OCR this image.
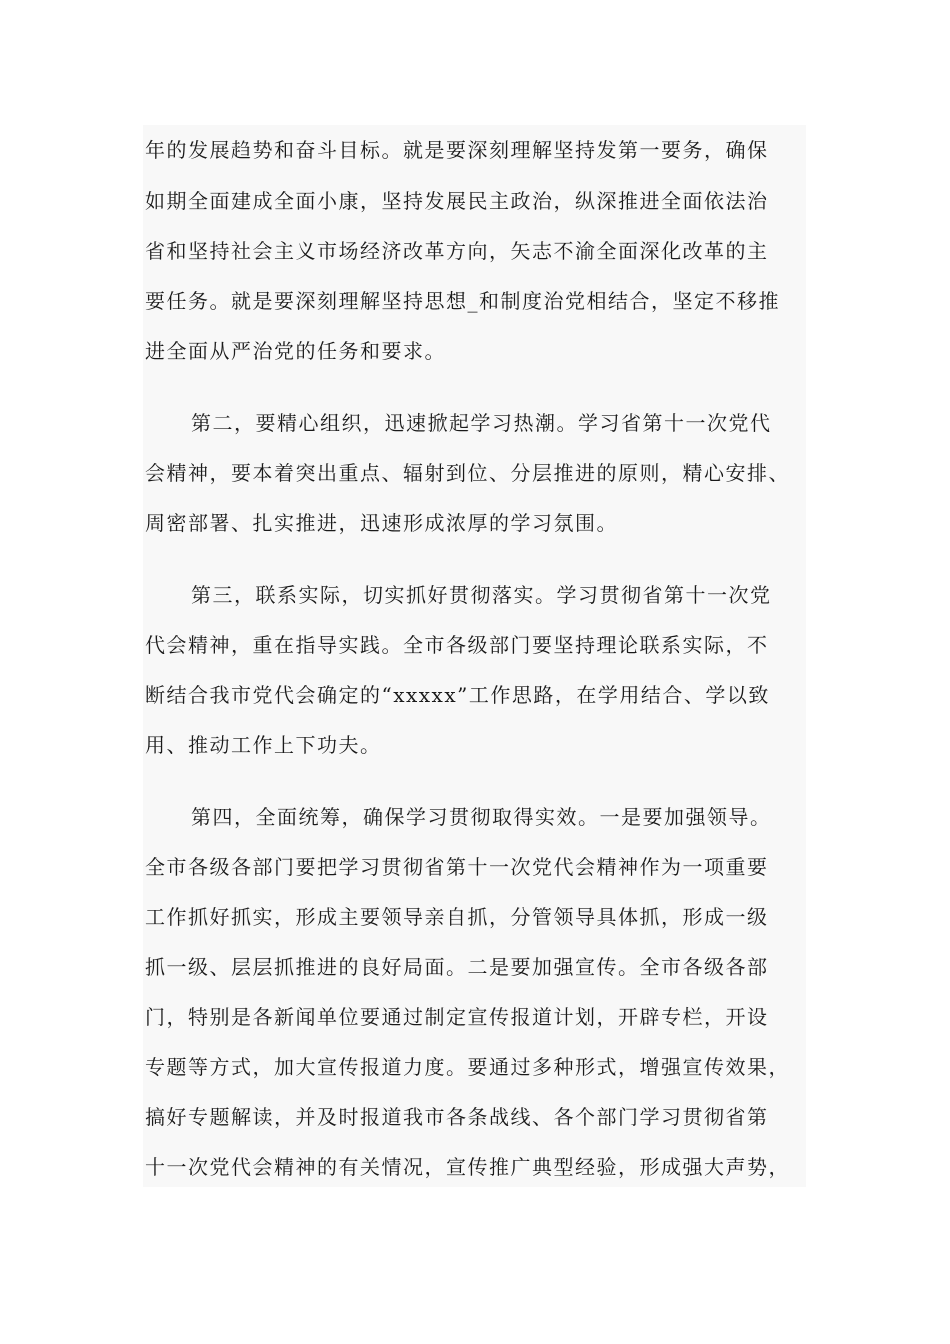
年的发展趋势和奋斗目标。就是要深刻理解坚持发第一要务，确保
如期全面建成全面小康，坚持发展民主政治，纵深推进全面依法治
省和坚持社会主义市场经济改革方向，矢志不渝全面深化改革的主
要任务。就是要深刻理解坚持思想_和制度治党相结合，坚定不移推
进全面从严治党的任务和要求。
第二，要精心组织，迅速掀起学习热潮。学习省第十一次党代
会精神，要本着突出重点、辐射到位、分层推进的原则，精心安排、
周密部署、扎实推进，迅速形成浓厚的学习氛围。
第三，联系实际，切实抓好贯彻落实。学习贯彻省第十一次党
代会精神，重在指导实践。全市各级部门要坚持理论联系实际，不
断结合我市党代会确定的“xxxxx”工作思路，在学用结合、学以致
用、推动工作上下功夫。
第四，全面统筹，确保学习贯彻取得实效。一是要加强领导。
全市各级各部门要把学习贯彻省第十一次党代会精神作为一项重要
工作抓好抓实，形成主要领导亲自抓，分管领导具体抓，形成一级
抓一级、层层抓推进的良好局面。二是要加强宣传。全市各级各部
门，特别是各新闻单位要通过制定宣传报道计划，开辟专栏，开设
专题等方式，加大宣传报道力度。要通过多种形式，增强宣传效果，
搞好专题解读，并及时报道我市各条战线、各个部门学习贯彻省第
十一次党代会精神的有关情况，宣传推广典型经验，形成强大声势，
